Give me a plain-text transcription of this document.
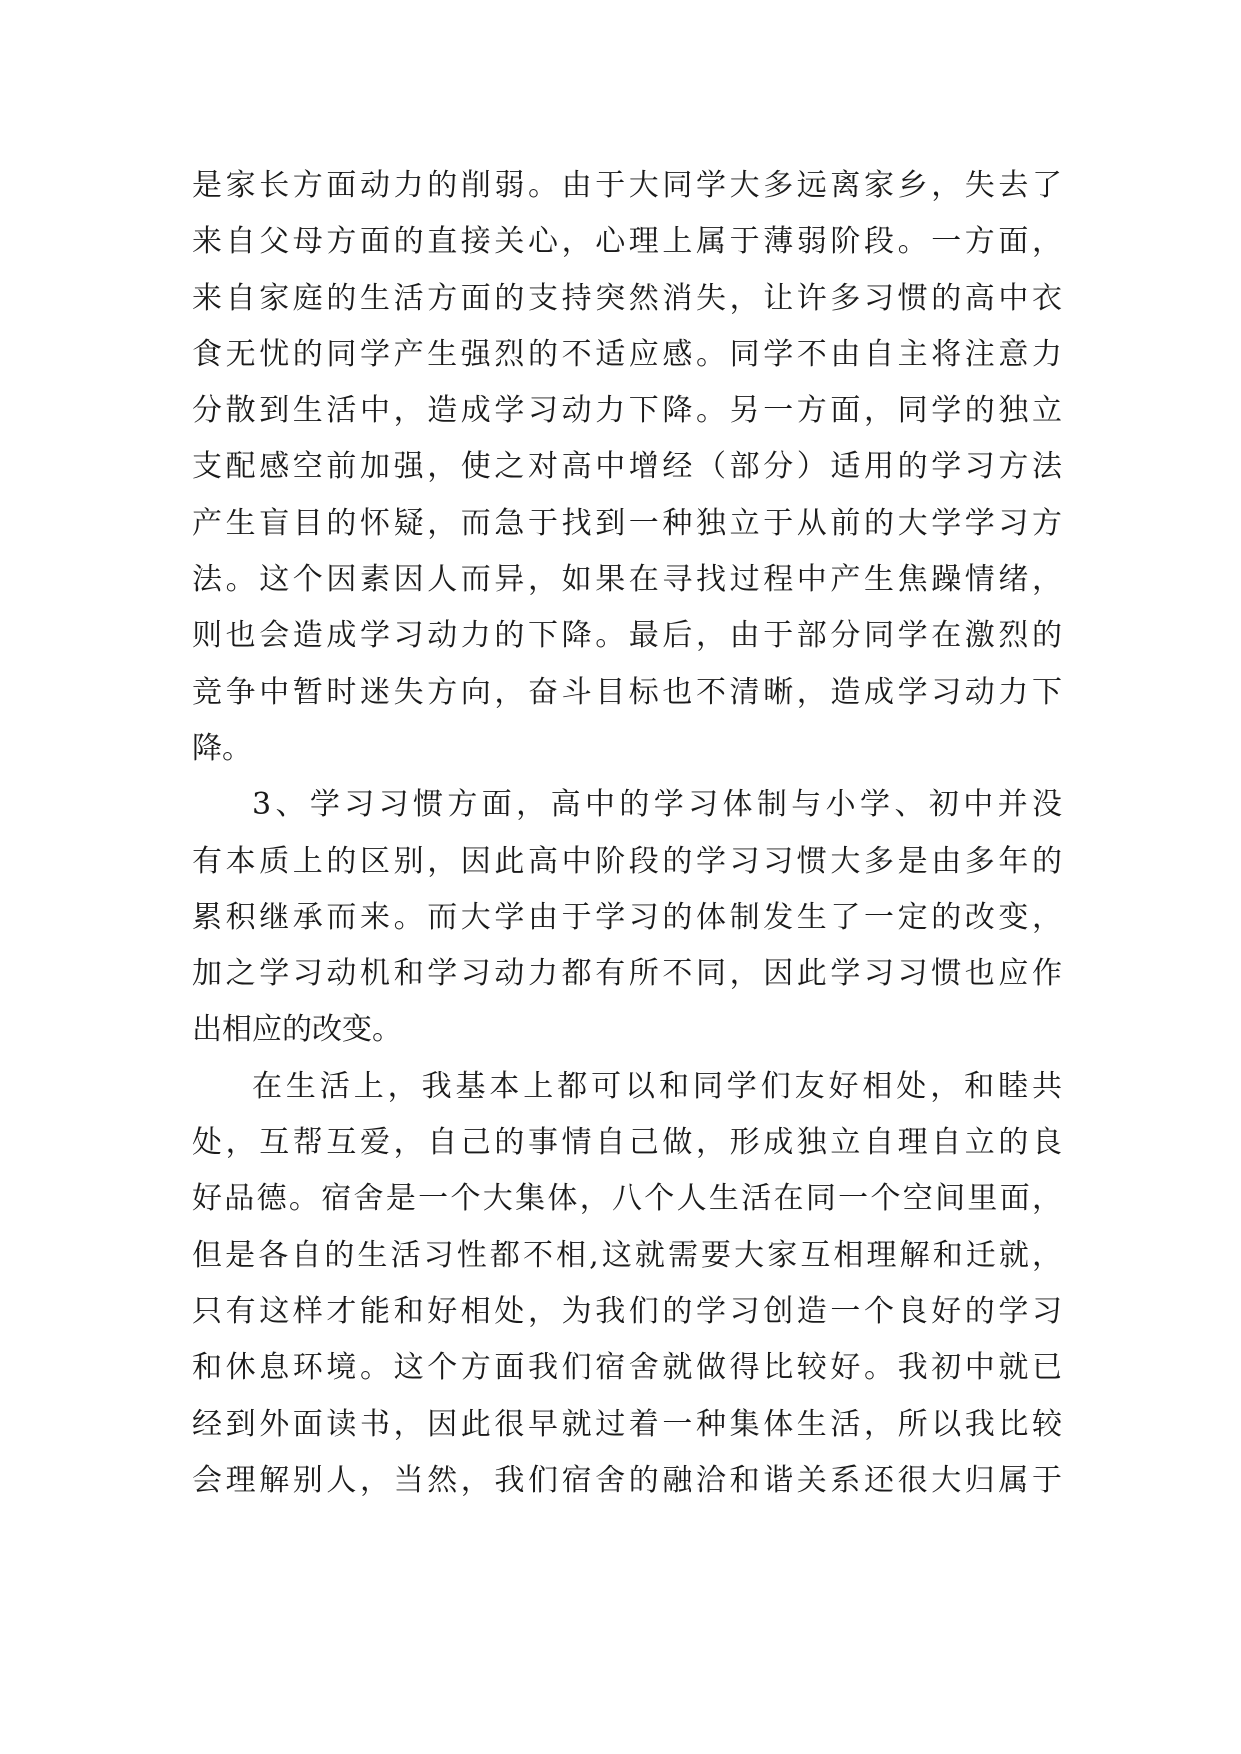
是家长方面动力的削弱。由于大同学大多远离家乡，失去了
来自父母方面的直接关心，心理上属于薄弱阶段。一方面，
来自家庭的生活方面的支持突然消失，让许多习惯的高中衣
食无忧的同学产生强烈的不适应感。同学不由自主将注意力
分散到生活中，造成学习动力下降。另一方面，同学的独立
支配感空前加强，使之对高中增经（部分）适用的学习方法
产生盲目的怀疑，而急于找到一种独立于从前的大学学习方
法。这个因素因人而异，如果在寻找过程中产生焦躁情绪，
则也会造成学习动力的下降。最后，由于部分同学在激烈的
竞争中暂时迷失方向，奋斗目标也不清晰，造成学习动力下
降。
3、学习习惯方面，高中的学习体制与小学、初中并没
有本质上的区别，因此高中阶段的学习习惯大多是由多年的
累积继承而来。而大学由于学习的体制发生了一定的改变，
加之学习动机和学习动力都有所不同，因此学习习惯也应作
出相应的改变。
在生活上，我基本上都可以和同学们友好相处，和睦共
处，互帮互爱，自己的事情自己做，形成独立自理自立的良
好品德。宿舍是一个大集体，八个人生活在同一个空间里面，
但是各自的生活习性都不相,这就需要大家互相理解和迁就，
只有这样才能和好相处，为我们的学习创造一个良好的学习
和休息环境。这个方面我们宿舍就做得比较好。我初中就已
经到外面读书，因此很早就过着一种集体生活，所以我比较
会理解别人，当然，我们宿舍的融洽和谐关系还很大归属于
